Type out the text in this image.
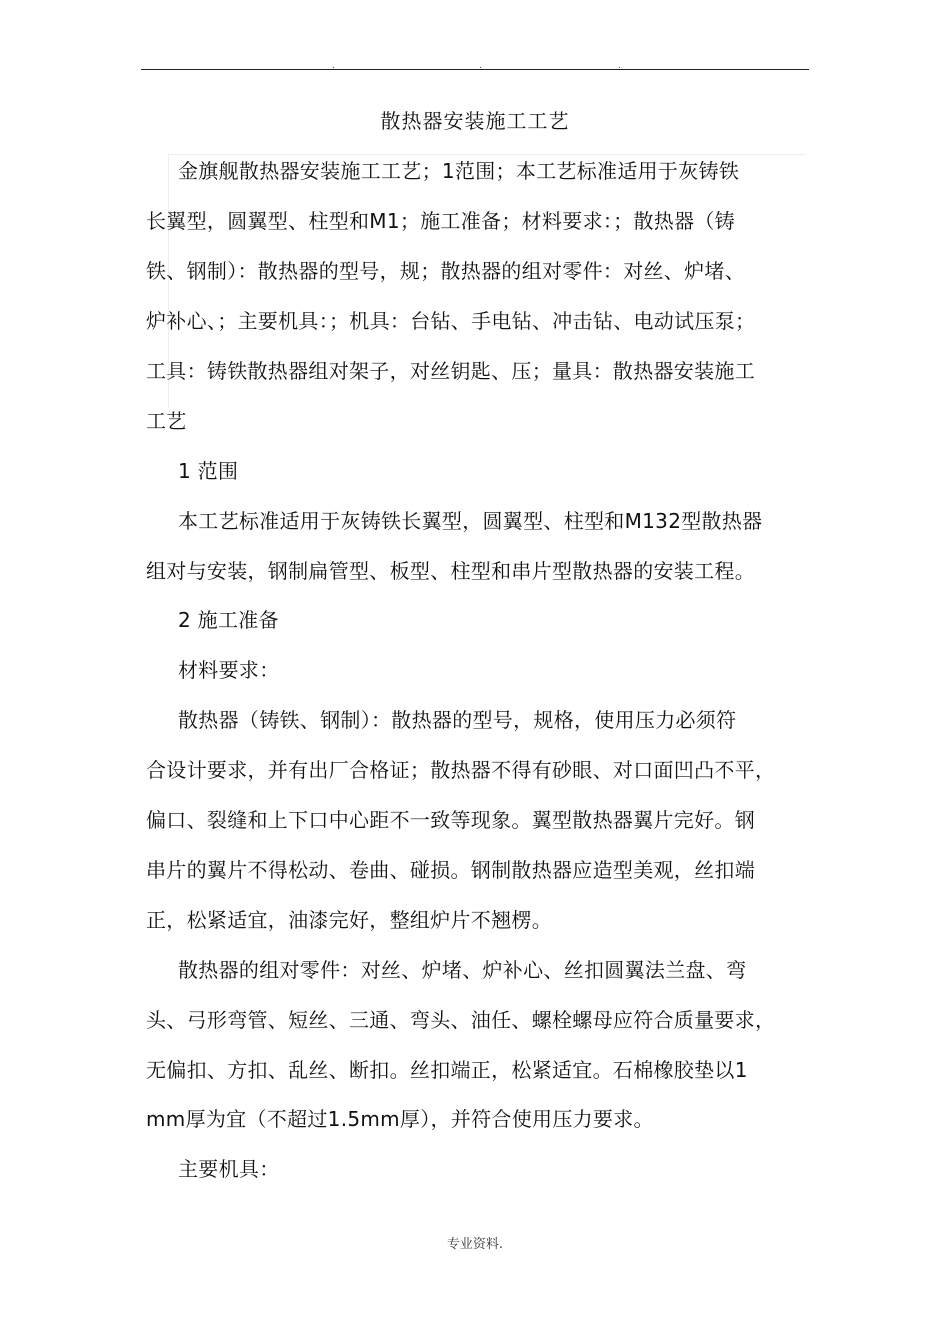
.	.	.
散热器安装施工工艺
金旗舰散热器安装施工工艺；1范围；本工艺标准适用于灰铸铁
长翼型，圆翼型、柱型和M1；施工准备；材料要求：；散热器（铸
铁、钢制）：散热器的型号，规；散热器的组对零件：对丝、炉堵、
炉补心、；主要机具：；机具：台钻、手电钻、冲击钻、电动试压泵；
工具：铸铁散热器组对架子，对丝钥匙、压；量具：散热器安装施工
工艺
1 范围
本工艺标准适用于灰铸铁长翼型，圆翼型、柱型和M132型散热器
组对与安装，钢制扁管型、板型、柱型和串片型散热器的安装工程。
2 施工准备
材料要求：
散热器（铸铁、钢制）：散热器的型号，规格，使用压力必须符
合设计要求，并有出厂合格证；散热器不得有砂眼、对口面凹凸不平，
偏口、裂缝和上下口中心距不一致等现象。翼型散热器翼片完好。钢
串片的翼片不得松动、卷曲、碰损。钢制散热器应造型美观，丝扣端
正，松紧适宜，油漆完好，整组炉片不翘楞。
散热器的组对零件：对丝、炉堵、炉补心、丝扣圆翼法兰盘、弯
头、弓形弯管、短丝、三通、弯头、油任、螺栓螺母应符合质量要求，
无偏扣、方扣、乱丝、断扣。丝扣端正，松紧适宜。石棉橡胶垫以1
mm厚为宜（不超过1.5mm厚），并符合使用压力要求。
主要机具：
专业资料.
